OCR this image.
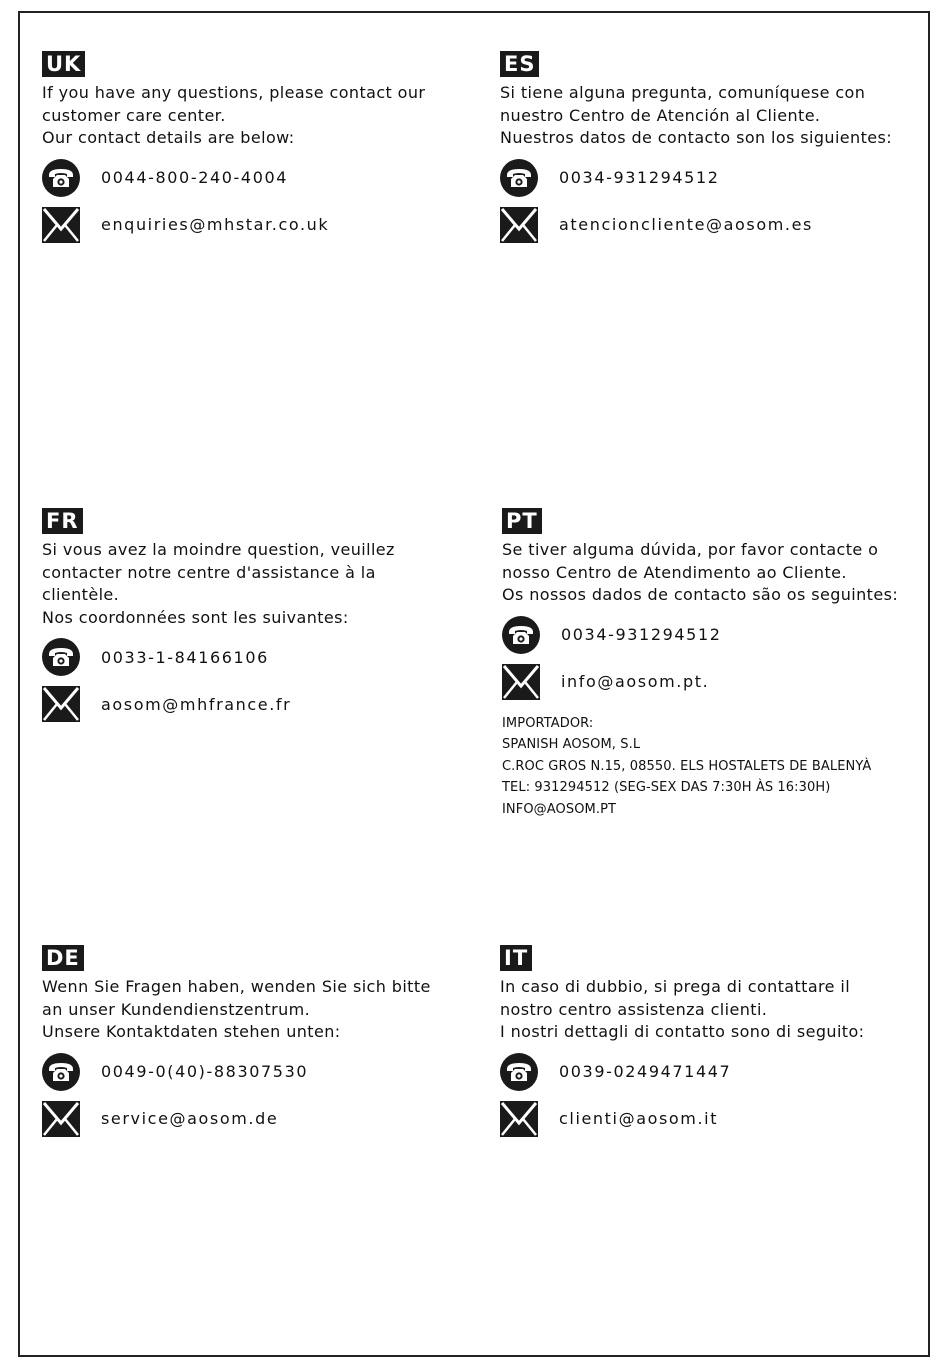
UK
If you have any questions, please contact our
customer care center.
Our contact details are below:
0044-800-240-4004
enquiries@mhstar.co.uk
ES
Si tiene alguna pregunta, comuníquese con
nuestro Centro de Atención al Cliente.
Nuestros datos de contacto son los siguientes:
0034-931294512
atencioncliente@aosom.es
FR
Si vous avez la moindre question, veuillez
contacter notre centre d'assistance à la
clientèle.
Nos coordonnées sont les suivantes:
0033-1-84166106
aosom@mhfrance.fr
PT
Se tiver alguma dúvida, por favor contacte o
nosso Centro de Atendimento ao Cliente.
Os nossos dados de contacto são os seguintes:
0034-931294512
info@aosom.pt.
IMPORTADOR:
SPANISH AOSOM, S.L
C.ROC GROS N.15, 08550. ELS HOSTALETS DE BALENYÀ
TEL: 931294512 (SEG-SEX DAS 7:30H ÀS 16:30H)
INFO@AOSOM.PT
DE
Wenn Sie Fragen haben, wenden Sie sich bitte
an unser Kundendienstzentrum.
Unsere Kontaktdaten stehen unten:
0049-0(40)-88307530
service@aosom.de
IT
In caso di dubbio, si prega di contattare il
nostro centro assistenza clienti.
I nostri dettagli di contatto sono di seguito:
0039-0249471447
clienti@aosom.it
